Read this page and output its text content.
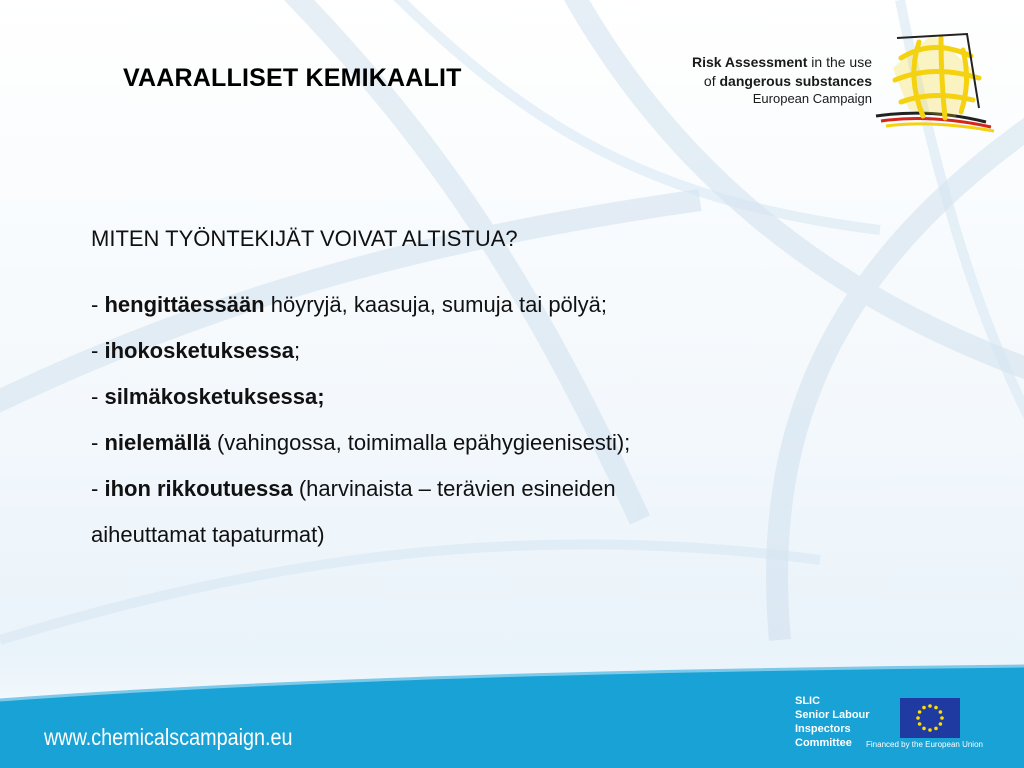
VAARALLISET KEMIKAALIT
Risk Assessment in the use
of dangerous substances
European Campaign

MITEN TYÖNTEKIJÄT VOIVAT ALTISTUA?

- hengittäessään höyryjä, kaasuja, sumuja tai pölyä;

- ihokosketuksessa;

- silmäkosketuksessa;

- nielemällä (vahingossa, toimimalla epähygieenisesti);

- ihon rikkoutuessa (harvinaista – terävien esineiden

aiheuttamat tapaturmat)

www.chemicalscampaign.eu
SLIC
Senior Labour
Inspectors
Committee	Financed by the European Union
